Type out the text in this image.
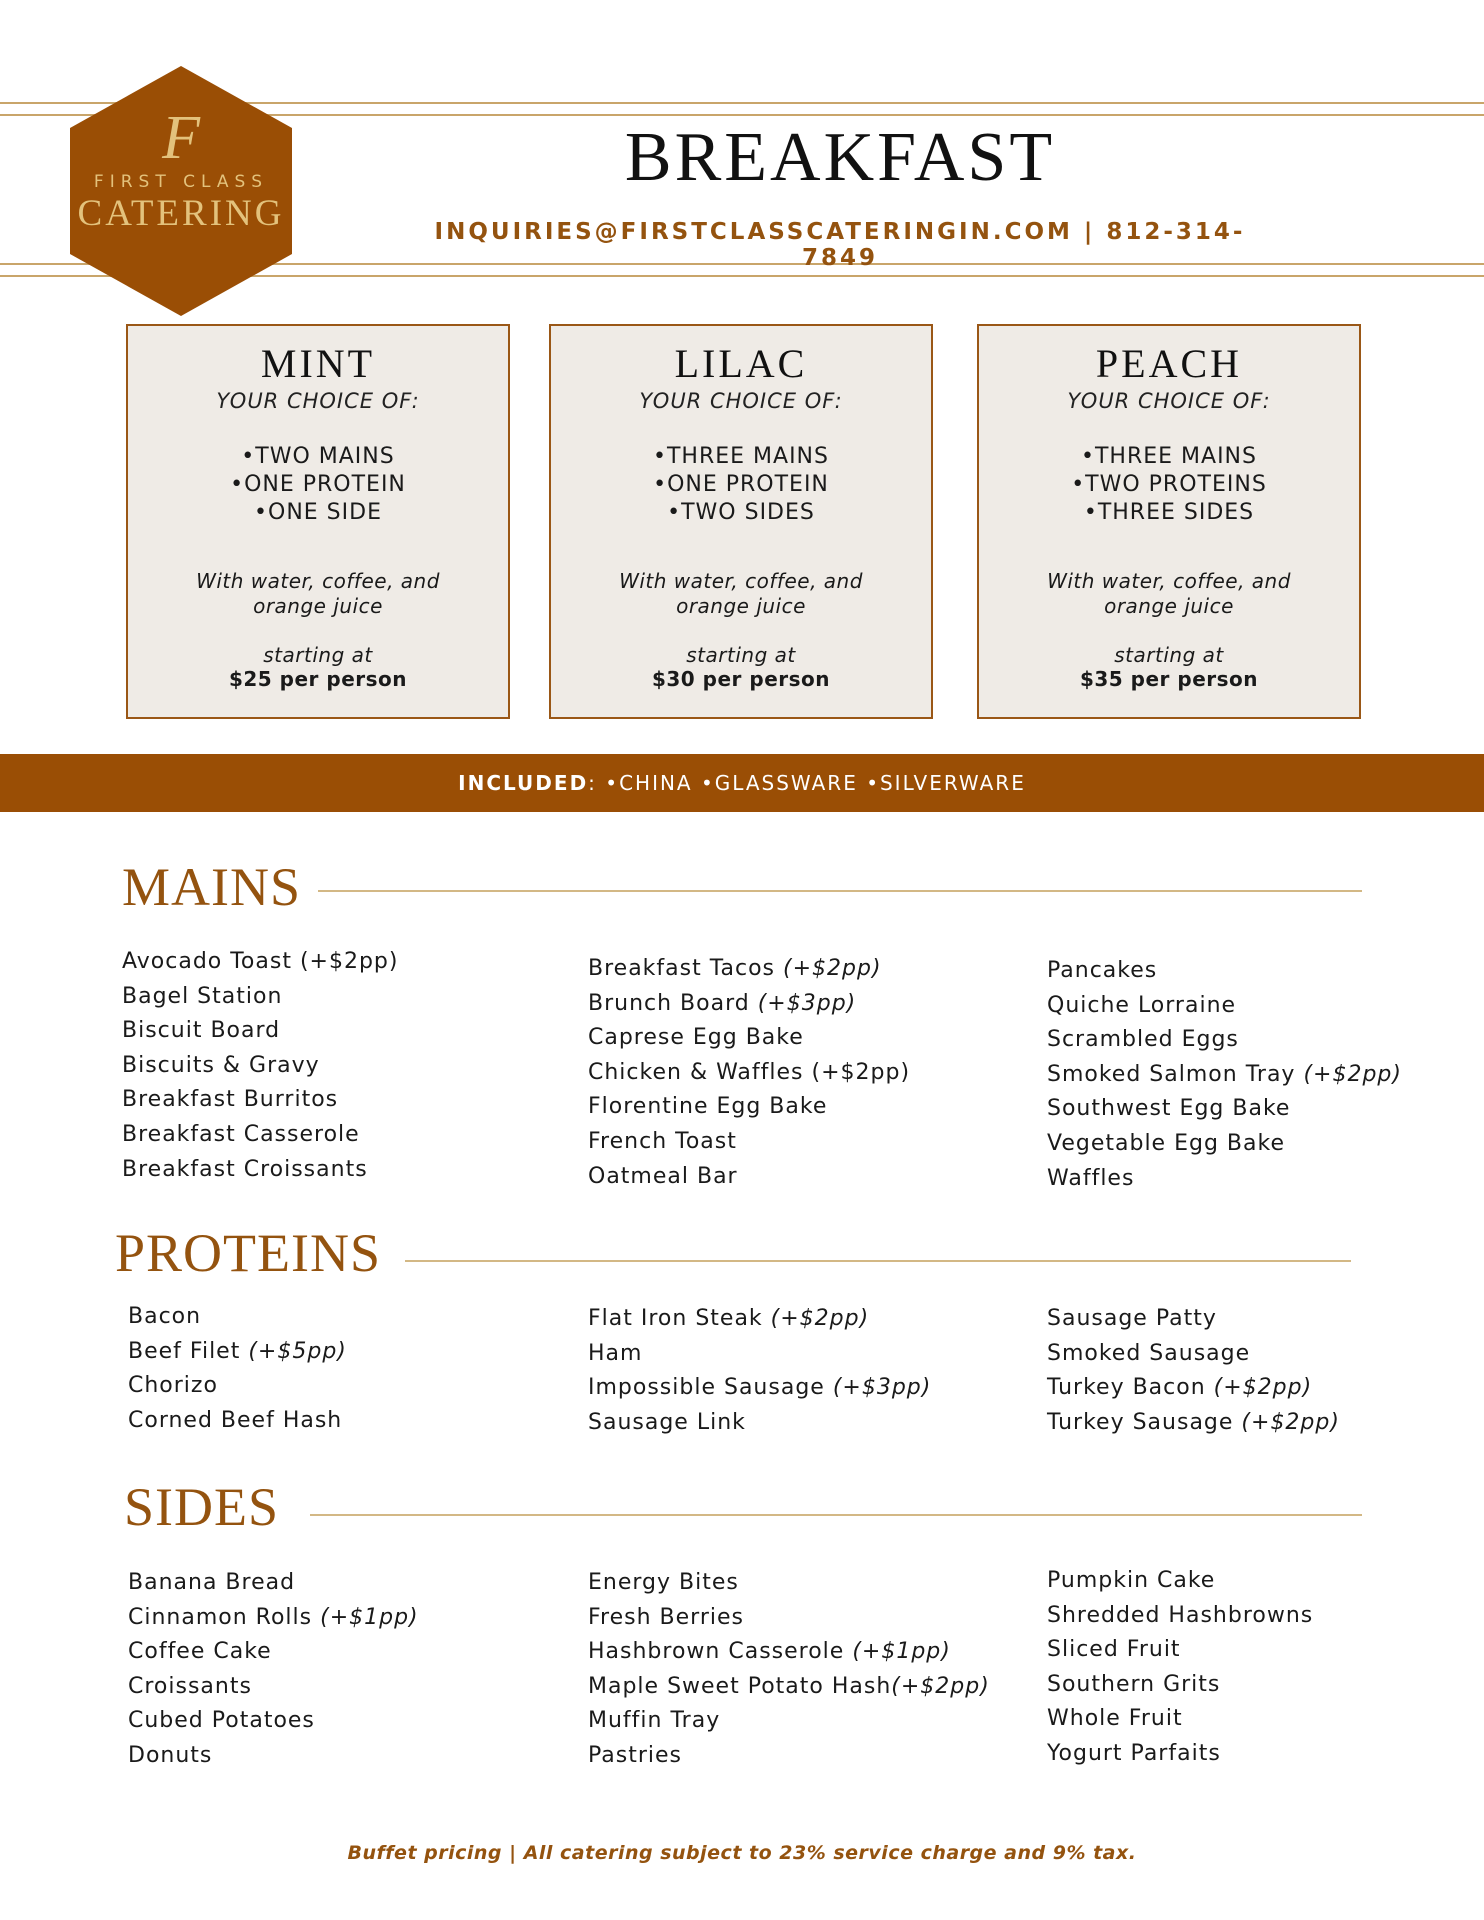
F
FIRST CLASS
CATERING
BREAKFAST
INQUIRIES@FIRSTCLASSCATERINGIN.COM | 812-314-7849
MINT
YOUR CHOICE OF:
•TWO MAINS
•ONE PROTEIN
•ONE SIDE
With water, coffee, and
orange juice
starting at
$25 per person
LILAC
YOUR CHOICE OF:
•THREE MAINS
•ONE PROTEIN
•TWO SIDES
With water, coffee, and
orange juice
starting at
$30 per person
PEACH
YOUR CHOICE OF:
•THREE MAINS
•TWO PROTEINS
•THREE SIDES
With water, coffee, and
orange juice
starting at
$35 per person
INCLUDED: •CHINA •GLASSWARE •SILVERWARE
MAINS
Avocado Toast (+$2pp)
Bagel Station
Biscuit Board
Biscuits & Gravy
Breakfast Burritos
Breakfast Casserole
Breakfast Croissants
Breakfast Tacos (+$2pp)
Brunch Board (+$3pp)
Caprese Egg Bake
Chicken & Waffles (+$2pp)
Florentine Egg Bake
French Toast
Oatmeal Bar
Pancakes
Quiche Lorraine
Scrambled Eggs
Smoked Salmon Tray (+$2pp)
Southwest Egg Bake
Vegetable Egg Bake
Waffles
PROTEINS
Bacon
Beef Filet (+$5pp)
Chorizo
Corned Beef Hash
Flat Iron Steak (+$2pp)
Ham
Impossible Sausage (+$3pp)
Sausage Link
Sausage Patty
Smoked Sausage
Turkey Bacon (+$2pp)
Turkey Sausage (+$2pp)
SIDES
Banana Bread
Cinnamon Rolls (+$1pp)
Coffee Cake
Croissants
Cubed Potatoes
Donuts
Energy Bites
Fresh Berries
Hashbrown Casserole (+$1pp)
Maple Sweet Potato Hash(+$2pp)
Muffin Tray
Pastries
Pumpkin Cake
Shredded Hashbrowns
Sliced Fruit
Southern Grits
Whole Fruit
Yogurt Parfaits
Buffet pricing | All catering subject to 23% service charge and 9% tax.
